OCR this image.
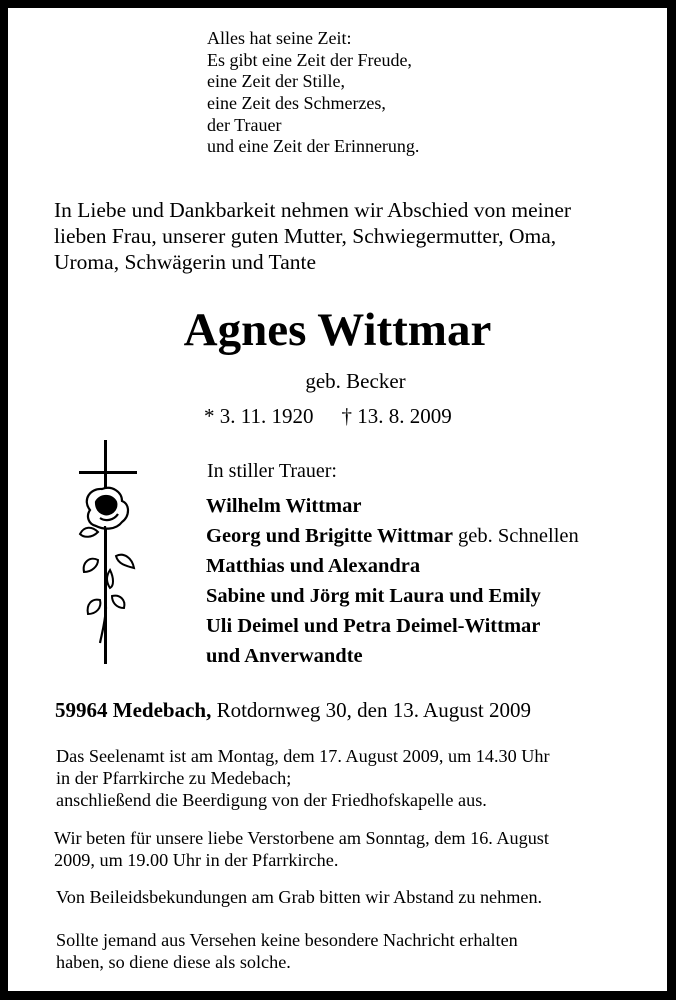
Alles hat seine Zeit:
Es gibt eine Zeit der Freude,
eine Zeit der Stille,
eine Zeit des Schmerzes,
der Trauer
und eine Zeit der Erinnerung.
In Liebe und Dankbarkeit nehmen wir Abschied von meiner
lieben Frau, unserer guten Mutter, Schwiegermutter, Oma,
Uroma, Schwägerin und Tante
Agnes Wittmar
geb. Becker
* 3. 11. 1920 † 13. 8. 2009
In stiller Trauer:
Wilhelm Wittmar
Georg und Brigitte Wittmar geb. Schnellen
Matthias und Alexandra
Sabine und Jörg mit Laura und Emily
Uli Deimel und Petra Deimel-Wittmar
und Anverwandte
59964 Medebach, Rotdornweg 30, den 13. August 2009
Das Seelenamt ist am Montag, dem 17. August 2009, um 14.30 Uhr
in der Pfarrkirche zu Medebach;
anschließend die Beerdigung von der Friedhofskapelle aus.
Wir beten für unsere liebe Verstorbene am Sonntag, dem 16. August
2009, um 19.00 Uhr in der Pfarrkirche.
Von Beileidsbekundungen am Grab bitten wir Abstand zu nehmen.
Sollte jemand aus Versehen keine besondere Nachricht erhalten
haben, so diene diese als solche.
